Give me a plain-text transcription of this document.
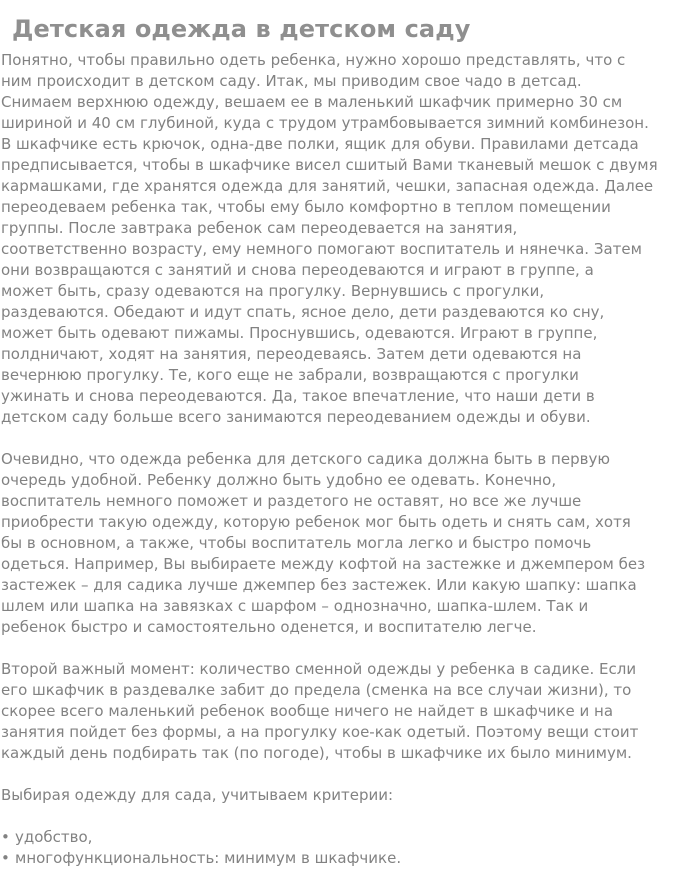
Детская одежда в детском саду

Понятно, чтобы правильно одеть ребенка, нужно хорошо представлять, что с
ним происходит в детском саду. Итак, мы приводим свое чадо в детсад.
Снимаем верхнюю одежду, вешаем ее в маленький шкафчик примерно 30 см
шириной и 40 см глубиной, куда с трудом утрамбовывается зимний комбинезон.
В шкафчике есть крючок, одна-две полки, ящик для обуви. Правилами детсада
предписывается, чтобы в шкафчике висел сшитый Вами тканевый мешок с двумя
кармашками, где хранятся одежда для занятий, чешки, запасная одежда. Далее
переодеваем ребенка так, чтобы ему было комфортно в теплом помещении
группы. После завтрака ребенок сам переодевается на занятия,
соответственно возрасту, ему немного помогают воспитатель и нянечка. Затем
они возвращаются с занятий и снова переодеваются и играют в группе, а
может быть, сразу одеваются на прогулку. Вернувшись с прогулки,
раздеваются. Обедают и идут спать, ясное дело, дети раздеваются ко сну,
может быть одевают пижамы. Проснувшись, одеваются. Играют в группе,
полдничают, ходят на занятия, переодеваясь. Затем дети одеваются на
вечернюю прогулку. Те, кого еще не забрали, возвращаются с прогулки
ужинать и снова переодеваются. Да, такое впечатление, что наши дети в
детском саду больше всего занимаются переодеванием одежды и обуви.

Очевидно, что одежда ребенка для детского садика должна быть в первую
очередь удобной. Ребенку должно быть удобно ее одевать. Конечно,
воспитатель немного поможет и раздетого не оставят, но все же лучше
приобрести такую одежду, которую ребенок мог быть одеть и снять сам, хотя
бы в основном, а также, чтобы воспитатель могла легко и быстро помочь
одеться. Например, Вы выбираете между кофтой на застежке и джемпером без
застежек – для садика лучше джемпер без застежек. Или какую шапку: шапка
шлем или шапка на завязках с шарфом – однозначно, шапка-шлем. Так и
ребенок быстро и самостоятельно оденется, и воспитателю легче.

Второй важный момент: количество сменной одежды у ребенка в садике. Если
его шкафчик в раздевалке забит до предела (сменка на все случаи жизни), то
скорее всего маленький ребенок вообще ничего не найдет в шкафчике и на
занятия пойдет без формы, а на прогулку кое-как одетый. Поэтому вещи стоит
каждый день подбирать так (по погоде), чтобы в шкафчике их было минимум.

Выбирая одежду для сада, учитываем критерии:

• удобство,
• многофункциональность: минимум в шкафчике.
